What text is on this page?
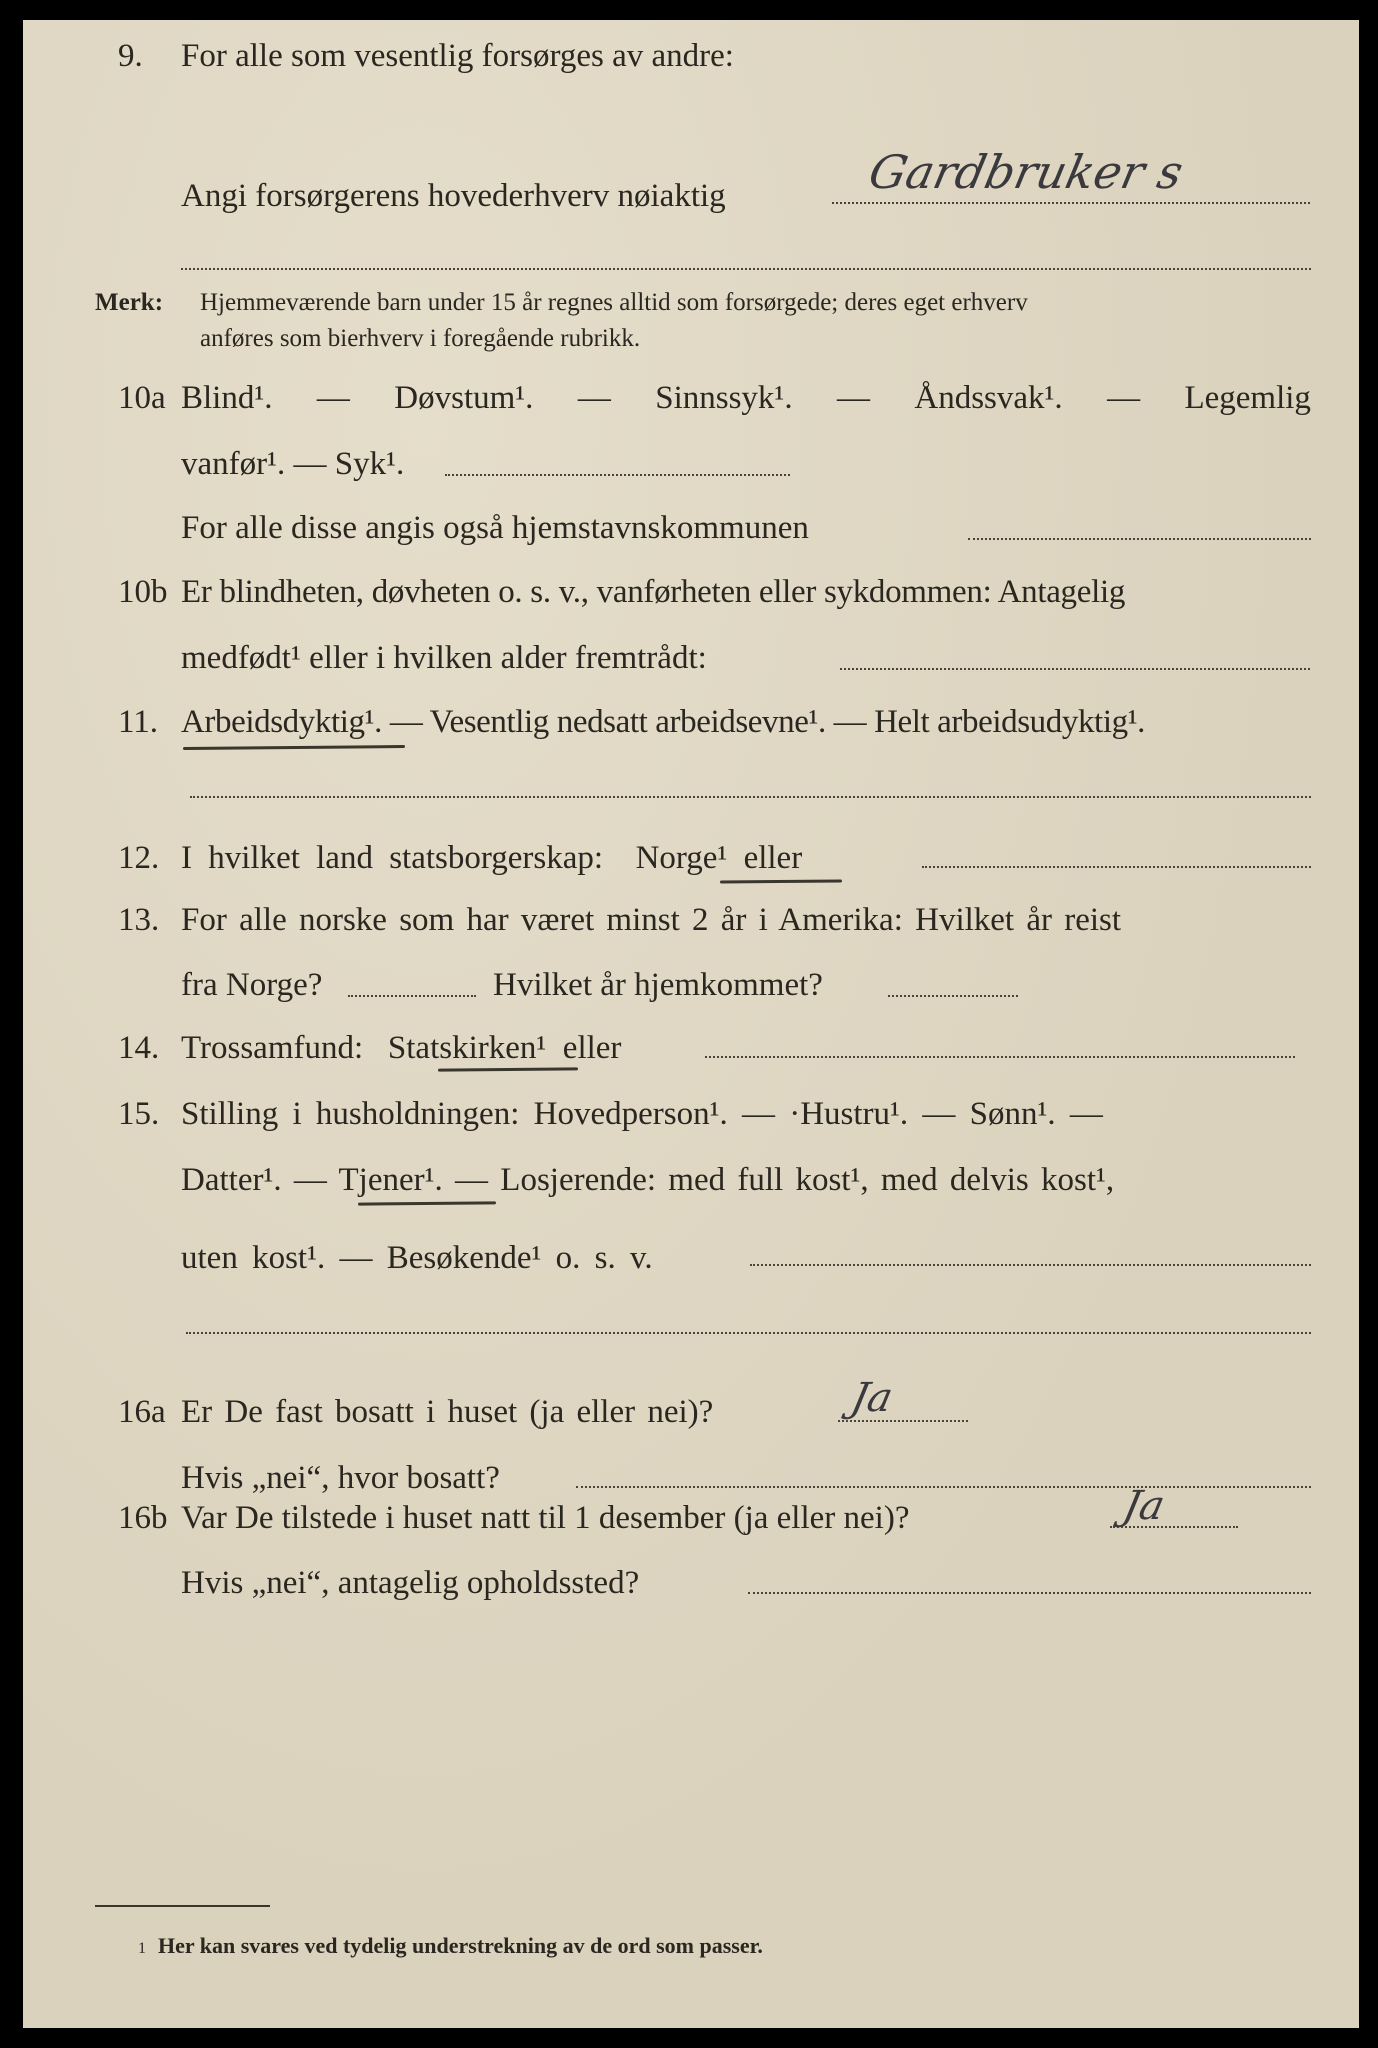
9. For alle som vesentlig forsørges av andre:
Angi forsørgerens hovederhverv nøiaktig	Gardbruker s
Merk: Hjemmeværende barn under 15 år regnes alltid som forsørgede; deres eget erhverv
anføres som bierhverv i foregående rubrikk.
10a Blind¹. — Døvstum¹. — Sinnssyk¹. — Åndssvak¹. — Legemlig
vanfør¹. — Syk¹.
For alle disse angis også hjemstavnskommunen
10b Er blindheten, døvheten o. s. v., vanførheten eller sykdommen: Antagelig
medfødt¹ eller i hvilken alder fremtrådt:
11. Arbeidsdyktig¹. — Vesentlig nedsatt arbeidsevne¹. — Helt arbeidsudyktig¹.
12. I hvilket land statsborgerskap: Norge¹ eller
13. For alle norske som har været minst 2 år i Amerika: Hvilket år reist
fra Norge?	Hvilket år hjemkommet?
14. Trossamfund: Statskirken¹ eller
15. Stilling i husholdningen: Hovedperson¹. — ·Hustru¹. — Sønn¹. —
Datter¹. — Tjener¹. — Losjerende: med full kost¹, med delvis kost¹,
uten kost¹. — Besøkende¹ o. s. v.
16a Er De fast bosatt i huset (ja eller nei)?	Ja
Hvis „nei“, hvor bosatt?
16b Var De tilstede i huset natt til 1 desember (ja eller nei)?	Ja
Hvis „nei“, antagelig opholdssted?
1 Her kan svares ved tydelig understrekning av de ord som passer.
